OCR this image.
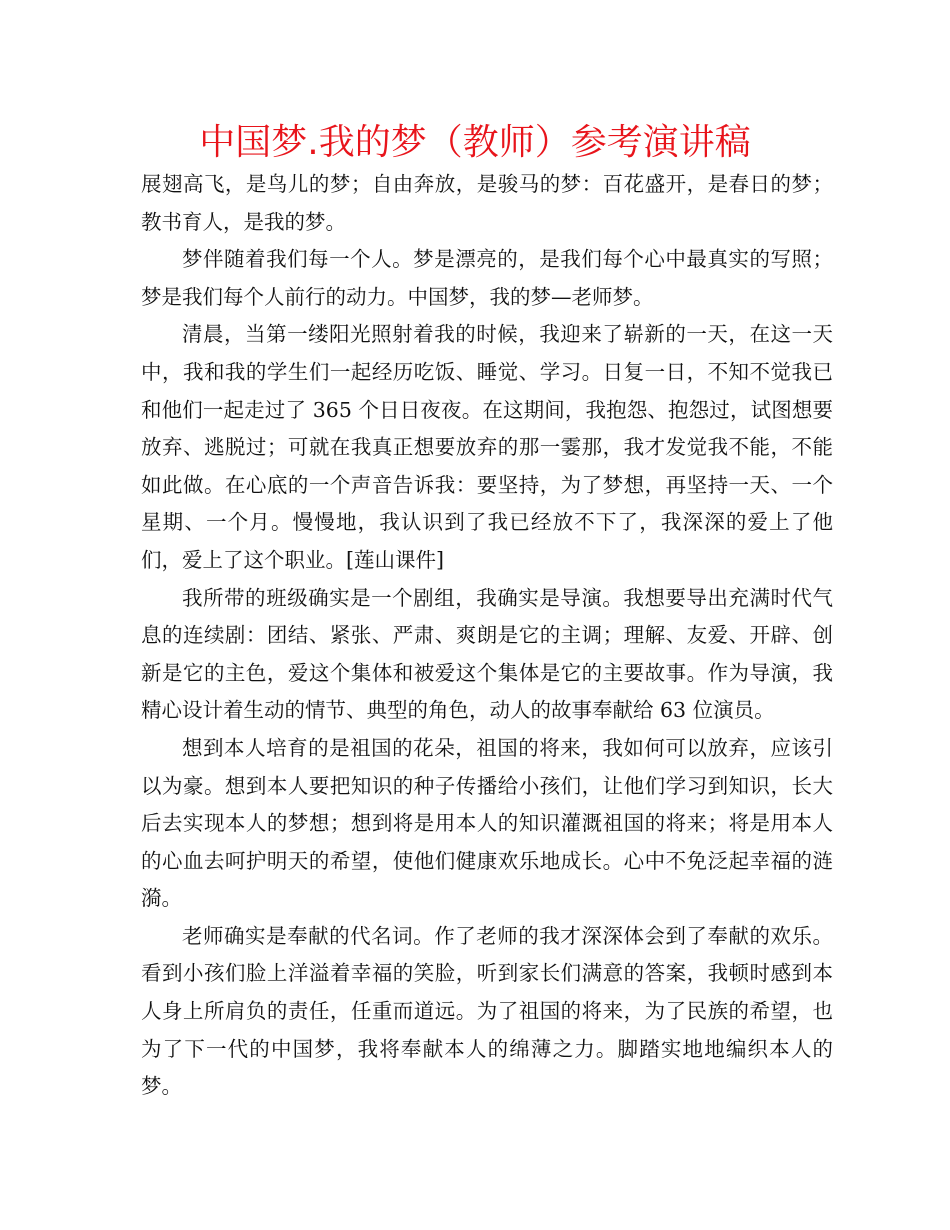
中国梦.我的梦（教师）参考演讲稿

展翅高飞，是鸟儿的梦；自由奔放，是骏马的梦：百花盛开，是春日的梦；教书育人，是我的梦。

梦伴随着我们每一个人。梦是漂亮的，是我们每个心中最真实的写照；梦是我们每个人前行的动力。中国梦，我的梦—老师梦。

清晨，当第一缕阳光照射着我的时候，我迎来了崭新的一天，在这一天中，我和我的学生们一起经历吃饭、睡觉、学习。日复一日，不知不觉我已和他们一起走过了 365 个日日夜夜。在这期间，我抱怨、抱怨过，试图想要放弃、逃脱过；可就在我真正想要放弃的那一霎那，我才发觉我不能，不能如此做。在心底的一个声音告诉我：要坚持，为了梦想，再坚持一天、一个星期、一个月。慢慢地，我认识到了我已经放不下了，我深深的爱上了他们，爱上了这个职业。[莲山课件]

我所带的班级确实是一个剧组，我确实是导演。我想要导出充满时代气息的连续剧：团结、紧张、严肃、爽朗是它的主调；理解、友爱、开辟、创新是它的主色，爱这个集体和被爱这个集体是它的主要故事。作为导演，我精心设计着生动的情节、典型的角色，动人的故事奉献给 63 位演员。

想到本人培育的是祖国的花朵，祖国的将来，我如何可以放弃，应该引以为豪。想到本人要把知识的种子传播给小孩们，让他们学习到知识，长大后去实现本人的梦想；想到将是用本人的知识灌溉祖国的将来；将是用本人的心血去呵护明天的希望，使他们健康欢乐地成长。心中不免泛起幸福的涟漪。

老师确实是奉献的代名词。作了老师的我才深深体会到了奉献的欢乐。看到小孩们脸上洋溢着幸福的笑脸，听到家长们满意的答案，我顿时感到本人身上所肩负的责任，任重而道远。为了祖国的将来，为了民族的希望，也为了下一代的中国梦，我将奉献本人的绵薄之力。脚踏实地地编织本人的梦。
